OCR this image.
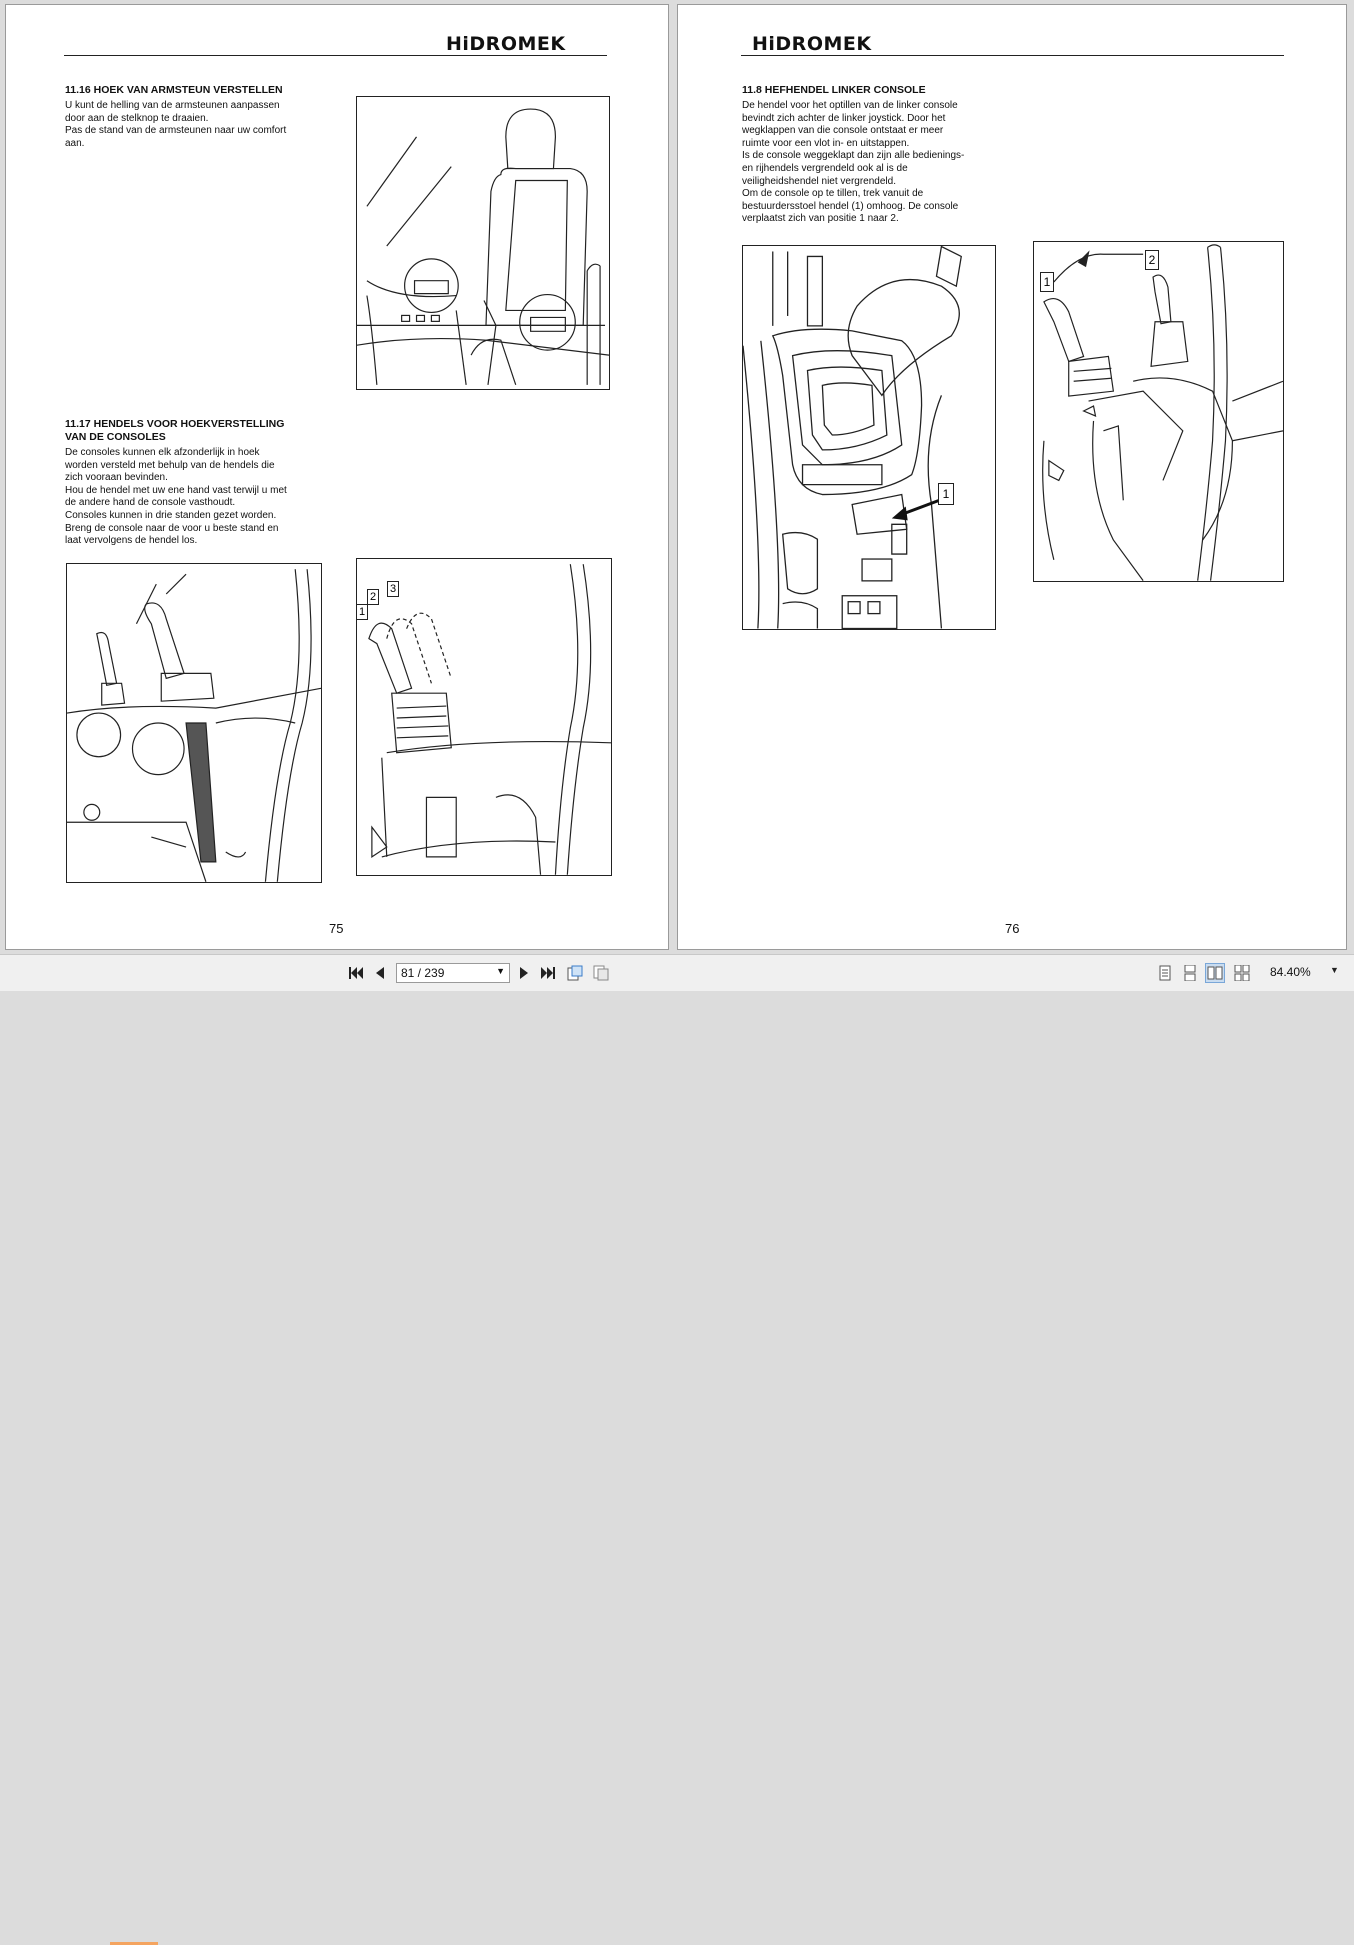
HiDROMEK
11.16 HOEK VAN ARMSTEUN VERSTELLEN

U kunt de helling van de armsteunen aanpassen

door aan de stelknop te draaien.

Pas de stand van de armsteunen naar uw comfort

aan.

11.17 HENDELS VOOR HOEKVERSTELLING
VAN DE CONSOLES

De consoles kunnen elk afzonderlijk in hoek

worden versteld met behulp van de hendels die

zich vooraan bevinden.

Hou de hendel met uw ene hand vast terwijl u met

de andere hand de console vasthoudt.

Consoles kunnen in drie standen gezet worden.

Breng de console naar de voor u beste stand en

laat vervolgens de hendel los.

1
2
3
75
HiDROMEK
11.8 HEFHENDEL LINKER CONSOLE

De hendel voor het optillen van de linker console

bevindt zich achter de linker joystick. Door het

wegklappen van die console ontstaat er meer

ruimte voor een vlot in- en uitstappen.

Is de console weggeklapt dan zijn alle bedienings-

en rijhendels vergrendeld ook al is de

veiligheidshendel niet vergrendeld.

Om de console op te tillen, trek vanuit de

bestuurdersstoel hendel (1) omhoog. De console

verplaatst zich van positie 1 naar 2.

1
1
2
76
81 / 239	▼	84.40% ▼
